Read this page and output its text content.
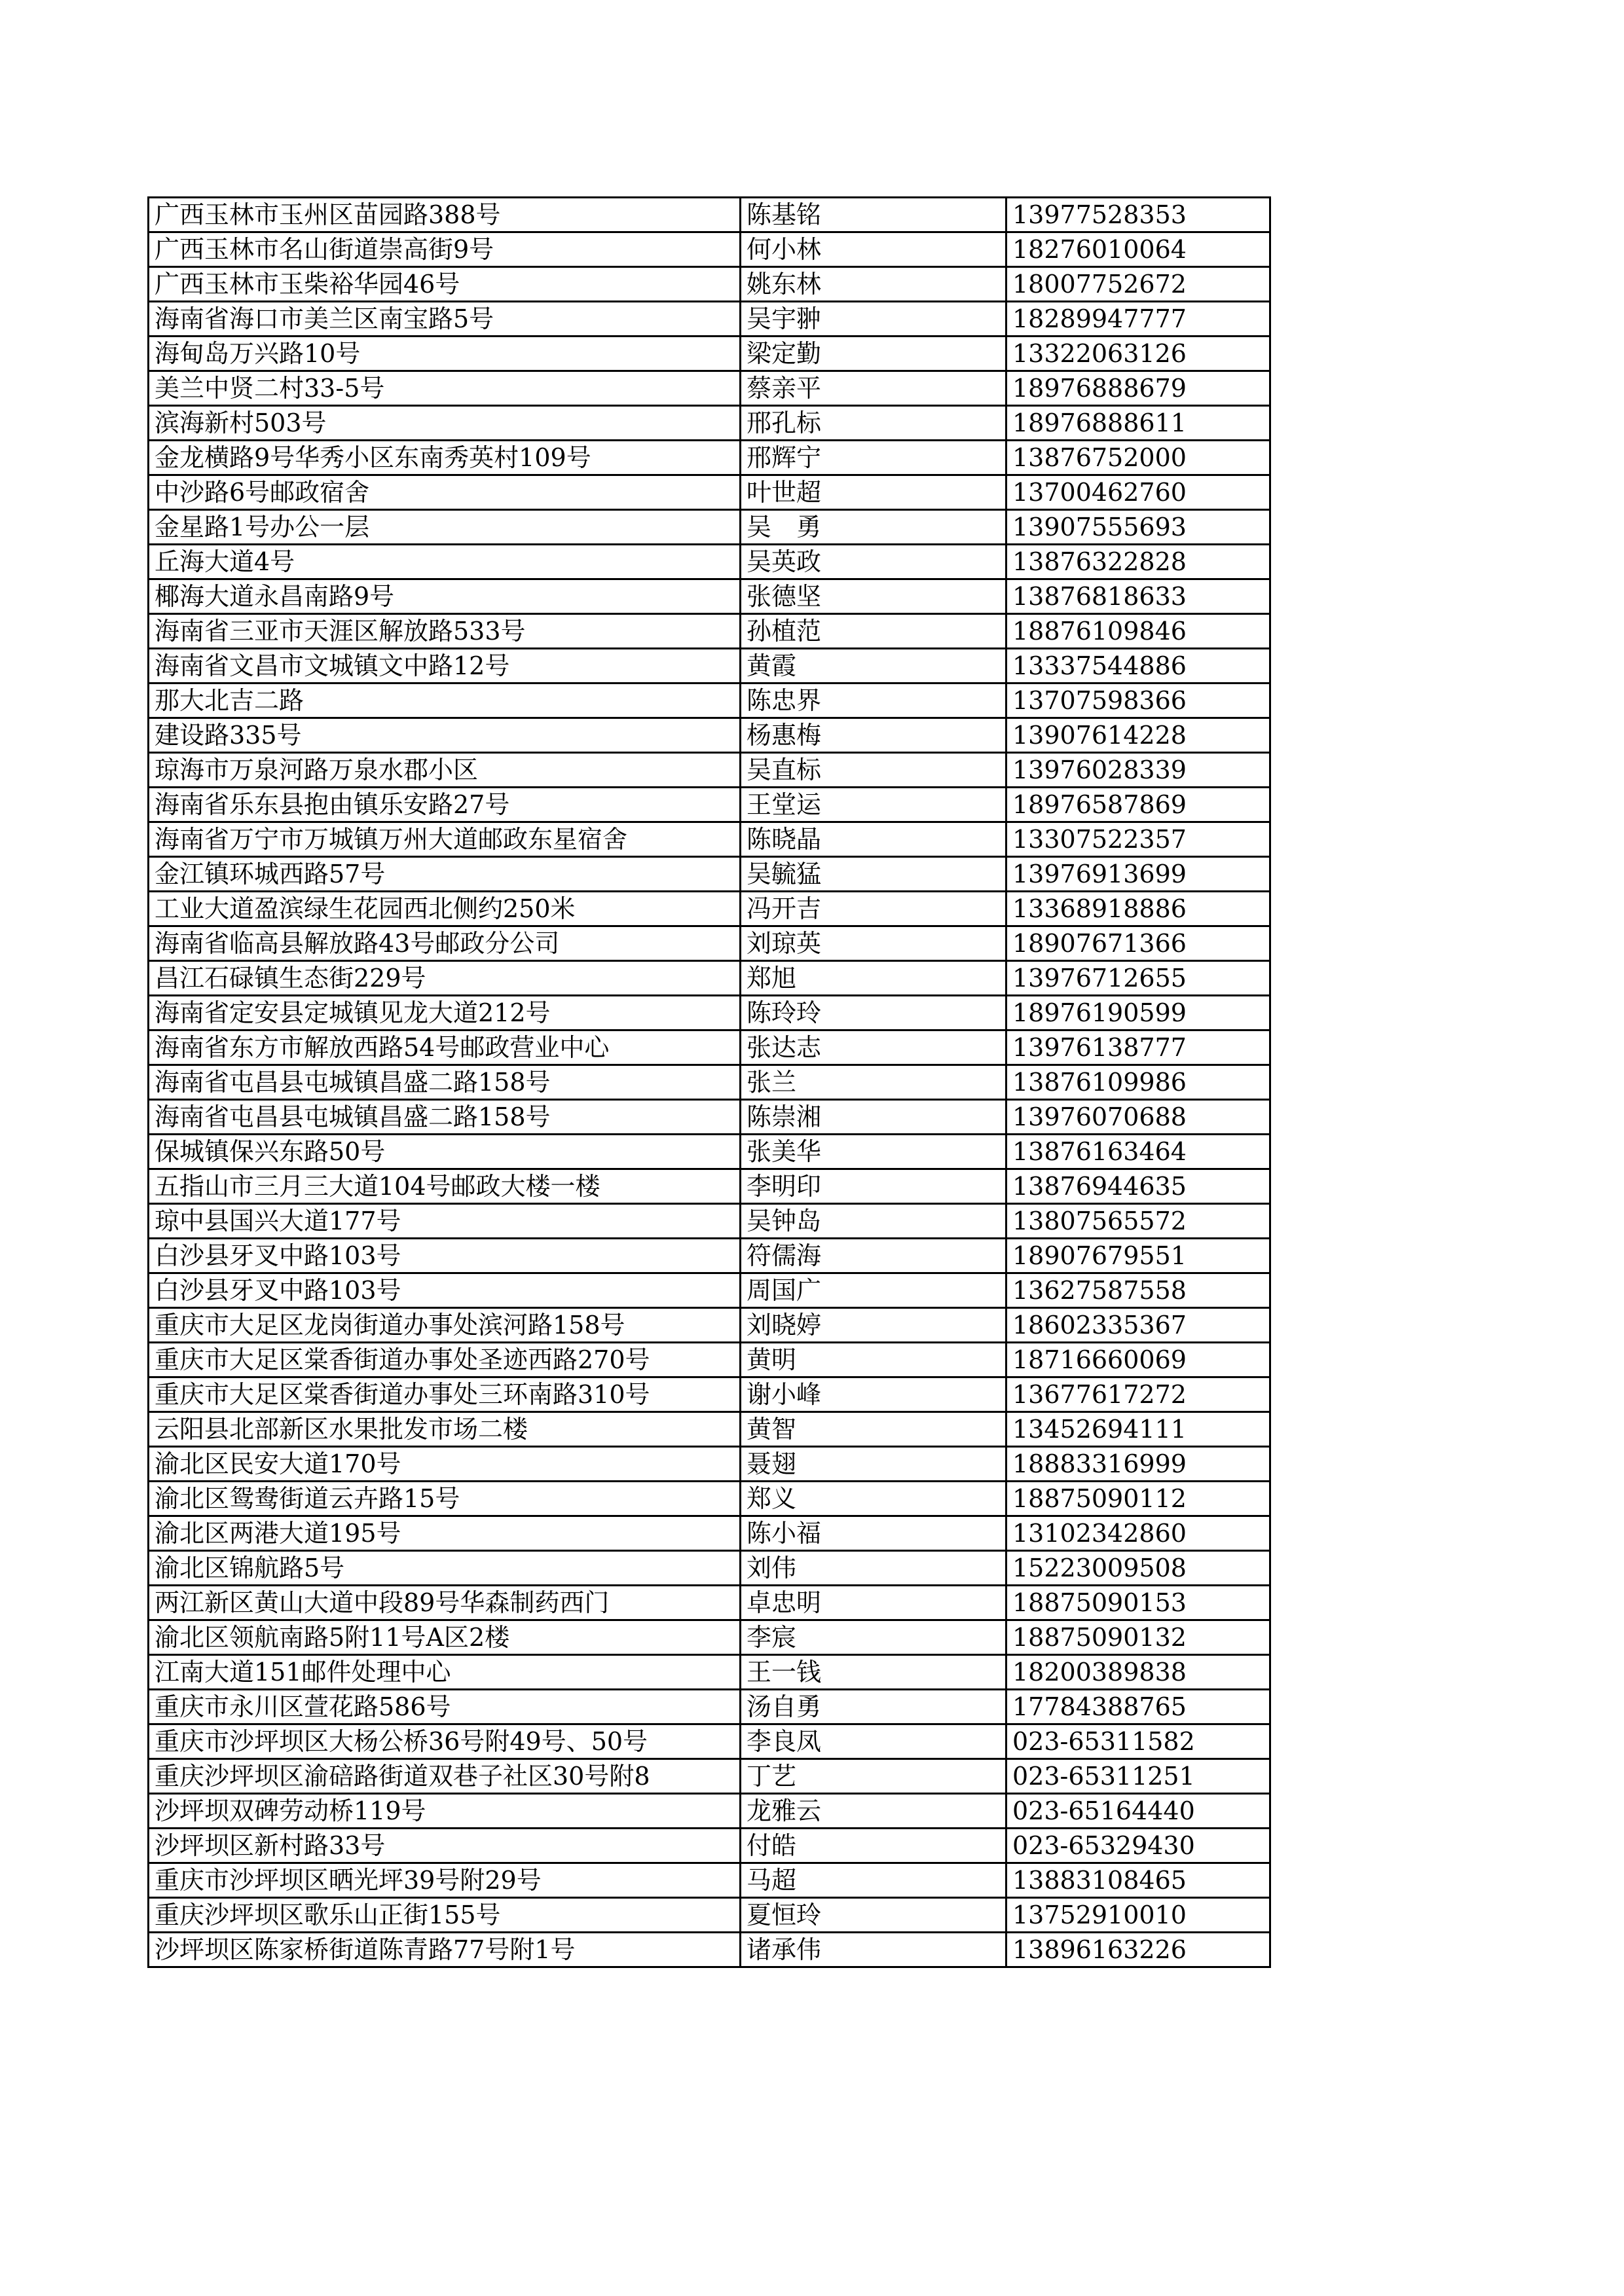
广西玉林市玉州区苗园路388号	陈基铭	13977528353
广西玉林市名山街道崇高街9号	何小林	18276010064
广西玉林市玉柴裕华园46号	姚东林	18007752672
海南省海口市美兰区南宝路5号	吴宇翀	18289947777
海甸岛万兴路10号	梁定勤	13322063126
美兰中贤二村33-5号	蔡亲平	18976888679
滨海新村503号	邢孔标	18976888611
金龙横路9号华秀小区东南秀英村109号	邢辉宁	13876752000
中沙路6号邮政宿舍	叶世超	13700462760
金星路1号办公一层	吴　勇	13907555693
丘海大道4号	吴英政	13876322828
椰海大道永昌南路9号	张德坚	13876818633
海南省三亚市天涯区解放路533号	孙植范	18876109846
海南省文昌市文城镇文中路12号	黄霞	13337544886
那大北吉二路	陈忠界	13707598366
建设路335号	杨惠梅	13907614228
琼海市万泉河路万泉水郡小区	吴直标	13976028339
海南省乐东县抱由镇乐安路27号	王堂运	18976587869
海南省万宁市万城镇万州大道邮政东星宿舍	陈晓晶	13307522357
金江镇环城西路57号	吴毓猛	13976913699
工业大道盈滨绿生花园西北侧约250米	冯开吉	13368918886
海南省临高县解放路43号邮政分公司	刘琼英	18907671366
昌江石碌镇生态街229号	郑旭	13976712655
海南省定安县定城镇见龙大道212号	陈玲玲	18976190599
海南省东方市解放西路54号邮政营业中心	张达志	13976138777
海南省屯昌县屯城镇昌盛二路158号	张兰	13876109986
海南省屯昌县屯城镇昌盛二路158号	陈崇湘	13976070688
保城镇保兴东路50号	张美华	13876163464
五指山市三月三大道104号邮政大楼一楼	李明印	13876944635
琼中县国兴大道177号	吴钟岛	13807565572
白沙县牙叉中路103号	符儒海	18907679551
白沙县牙叉中路103号	周国广	13627587558
重庆市大足区龙岗街道办事处滨河路158号	刘晓婷	18602335367
重庆市大足区棠香街道办事处圣迹西路270号	黄明	18716660069
重庆市大足区棠香街道办事处三环南路310号	谢小峰	13677617272
云阳县北部新区水果批发市场二楼	黄智	13452694111
渝北区民安大道170号	聂翅	18883316999
渝北区鸳鸯街道云卉路15号	郑义	18875090112
渝北区两港大道195号	陈小福	13102342860
渝北区锦航路5号	刘伟	15223009508
两江新区黄山大道中段89号华森制药西门	卓忠明	18875090153
渝北区领航南路5附11号A区2楼	李宸	18875090132
江南大道151邮件处理中心	王一钱	18200389838
重庆市永川区萱花路586号	汤自勇	17784388765
重庆市沙坪坝区大杨公桥36号附49号、50号	李良凤	023-65311582
重庆沙坪坝区渝碚路街道双巷子社区30号附8	丁艺	023-65311251
沙坪坝双碑劳动桥119号	龙雅云	023-65164440
沙坪坝区新村路33号	付皓	023-65329430
重庆市沙坪坝区晒光坪39号附29号	马超	13883108465
重庆沙坪坝区歌乐山正街155号	夏恒玲	13752910010
沙坪坝区陈家桥街道陈青路77号附1号	诸承伟	13896163226
